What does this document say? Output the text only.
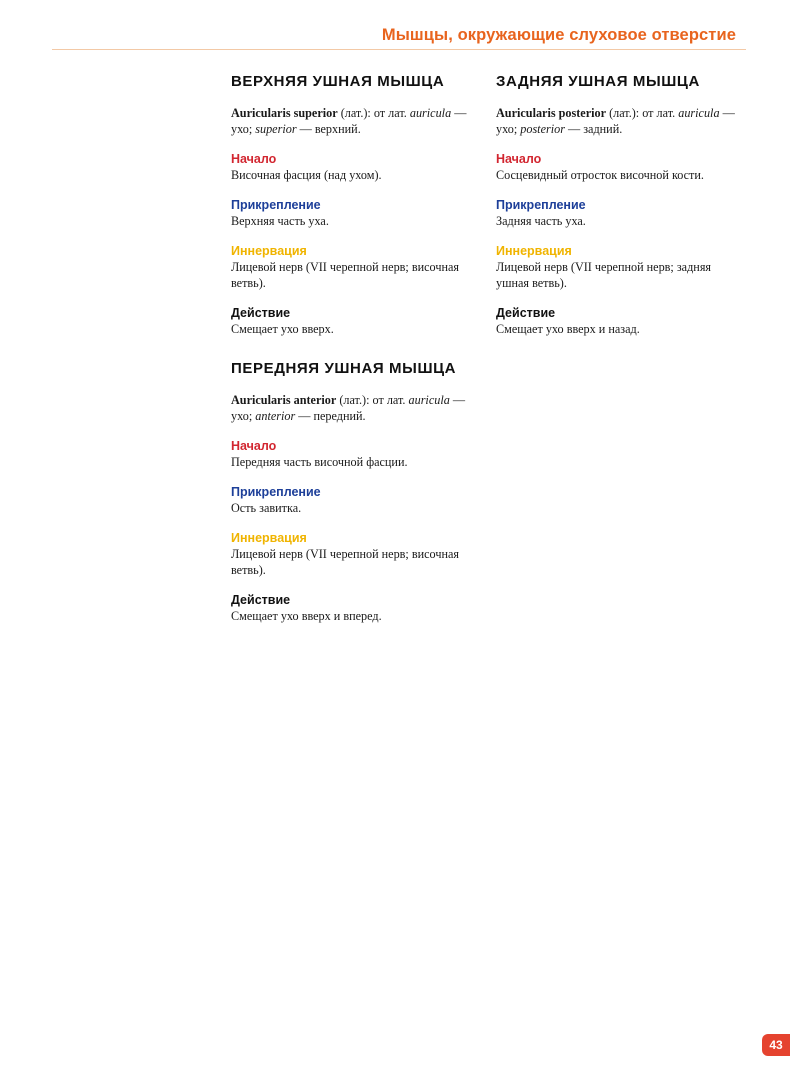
Мышцы, окружающие слуховое отверстие
ВЕРХНЯЯ УШНАЯ МЫШЦА

Auricularis superior (лат.): от лат. auricula — ухо; superior — верхний.

Начало
Височная фасция (над ухом).
Прикрепление
Верхняя часть уха.
Иннервация
Лицевой нерв (VII черепной нерв; височная ветвь).
Действие
Смещает ухо вверх.
ПЕРЕДНЯЯ УШНАЯ МЫШЦА

Auricularis anterior (лат.): от лат. auricula — ухо; anterior — передний.

Начало
Передняя часть височной фасции.
Прикрепление
Ость завитка.
Иннервация
Лицевой нерв (VII черепной нерв; височная ветвь).
Действие
Смещает ухо вверх и вперед.
ЗАДНЯЯ УШНАЯ МЫШЦА

Auricularis posterior (лат.): от лат. auricula — ухо; posterior — задний.

Начало
Сосцевидный отросток височной кости.
Прикрепление
Задняя часть уха.
Иннервация
Лицевой нерв (VII черепной нерв; задняя ушная ветвь).
Действие
Смещает ухо вверх и назад.
43
